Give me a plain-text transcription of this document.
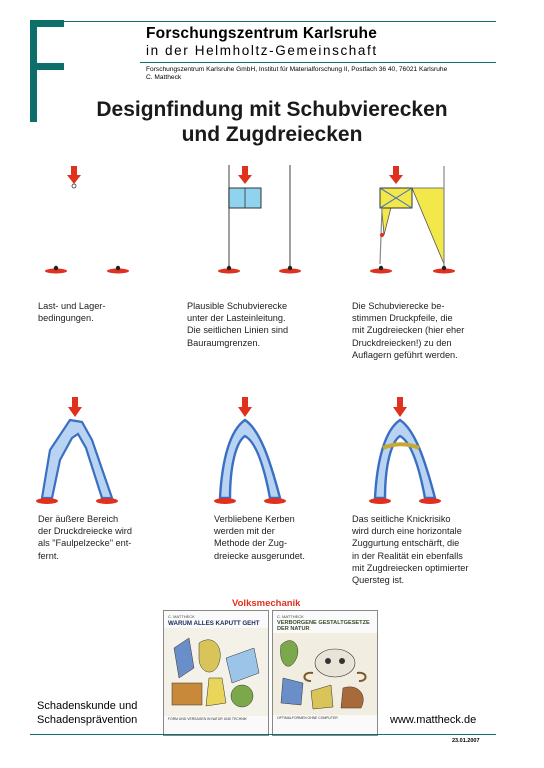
Forschungszentrum Karlsruhe
in der Helmholtz-Gemeinschaft
Forschungszentrum Karlsruhe GmbH, Institut für Materialforschung II, Postfach 36 40, 76021 Karlsruhe
C. Mattheck
Designfindung mit Schubvierecken
und Zugdreiecken
Last- und Lager-
bedingungen.
Plausible Schubvierecke
unter der Lasteinleitung.
Die seitlichen Linien sind
Bauraumgrenzen.
Die Schubvierecke be-
stimmen Druckpfeile, die
mit Zugdreiecken (hier eher
Druckdreiecken!) zu den
Auflagern geführt werden.
Der äußere Bereich
der Druckdreiecke wird
als "Faulpelzecke" ent-
fernt.
Verbliebene Kerben
werden mit der
Methode der Zug-
dreiecke ausgerundet.
Das seitliche Knickrisiko
wird durch eine horizontale
Zuggurtung entschärft, die
in der Realität ein ebenfalls
mit Zugdreiecken optimierter
Quersteg ist.
Volksmechanik
C. MATTHECK
WARUM ALLES KAPUTT GEHT
FORM UND VERSAGEN IN NATUR UND TECHNIK
C. MATTHECK
VERBORGENE GESTALTGESETZE DER NATUR
OPTIMALFORMEN OHNE COMPUTER
Schadenskunde und
Schadensprävention	www.mattheck.de
23.01.2007
